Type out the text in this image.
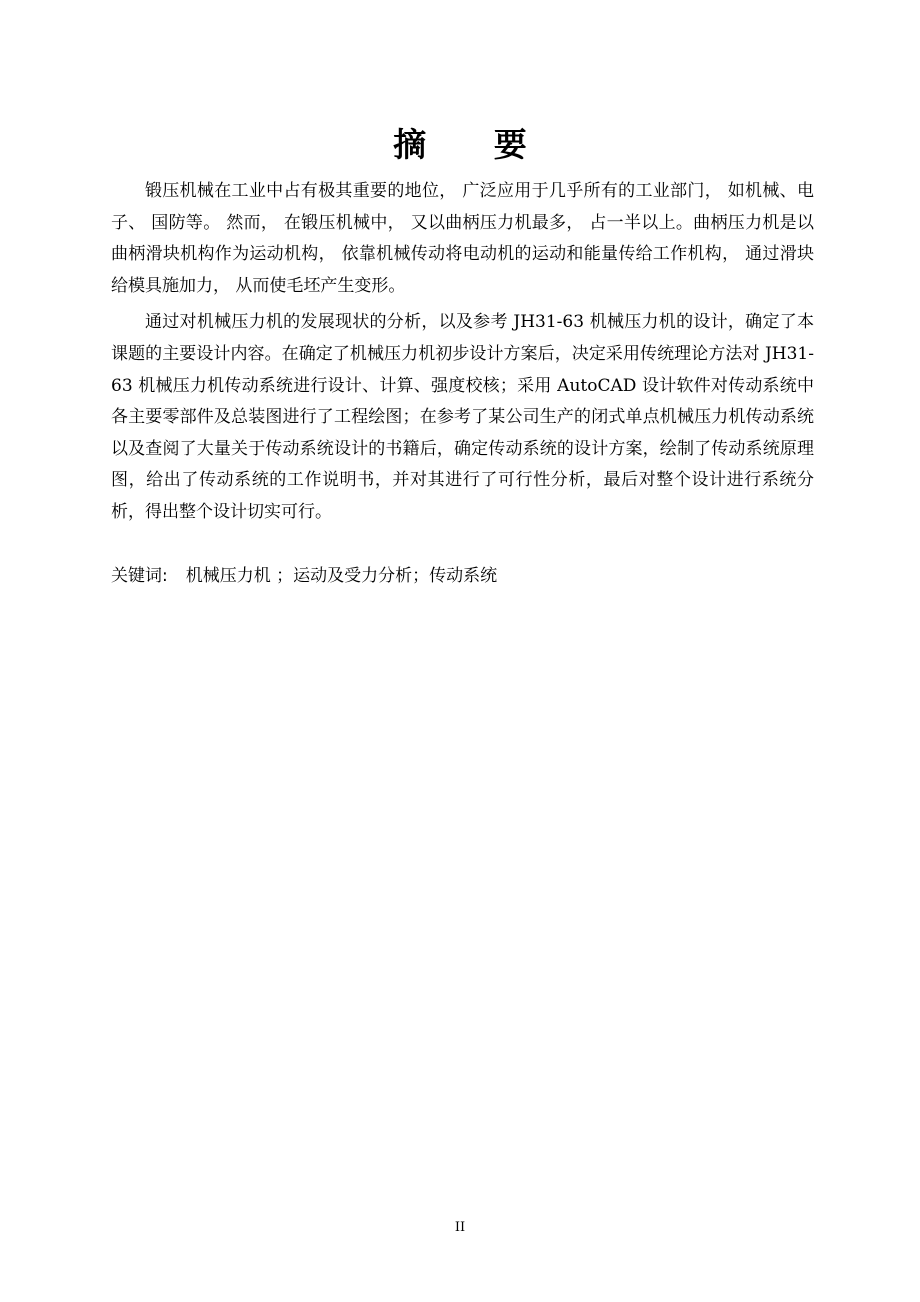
摘 要

锻压机械在工业中占有极其重要的地位， 广泛应用于几乎所有的工业部门， 如机械、电子、 国防等。 然而， 在锻压机械中， 又以曲柄压力机最多， 占一半以上。曲柄压力机是以曲柄滑块机构作为运动机构， 依靠机械传动将电动机的运动和能量传给工作机构， 通过滑块给模具施加力， 从而使毛坯产生变形。

通过对机械压力机的发展现状的分析，以及参考 JH31-63 机械压力机的设计，确定了本课题的主要设计内容。在确定了机械压力机初步设计方案后，决定采用传统理论方法对 JH31-63 机械压力机传动系统进行设计、计算、强度校核；采用 AutoCAD 设计软件对传动系统中各主要零部件及总装图进行了工程绘图；在参考了某公司生产的闭式单点机械压力机传动系统以及查阅了大量关于传动系统设计的书籍后，确定传动系统的设计方案，绘制了传动系统原理图，给出了传动系统的工作说明书，并对其进行了可行性分析，最后对整个设计进行系统分析，得出整个设计切实可行。

关键词: 机械压力机 ；运动及受力分析；传动系统
II
